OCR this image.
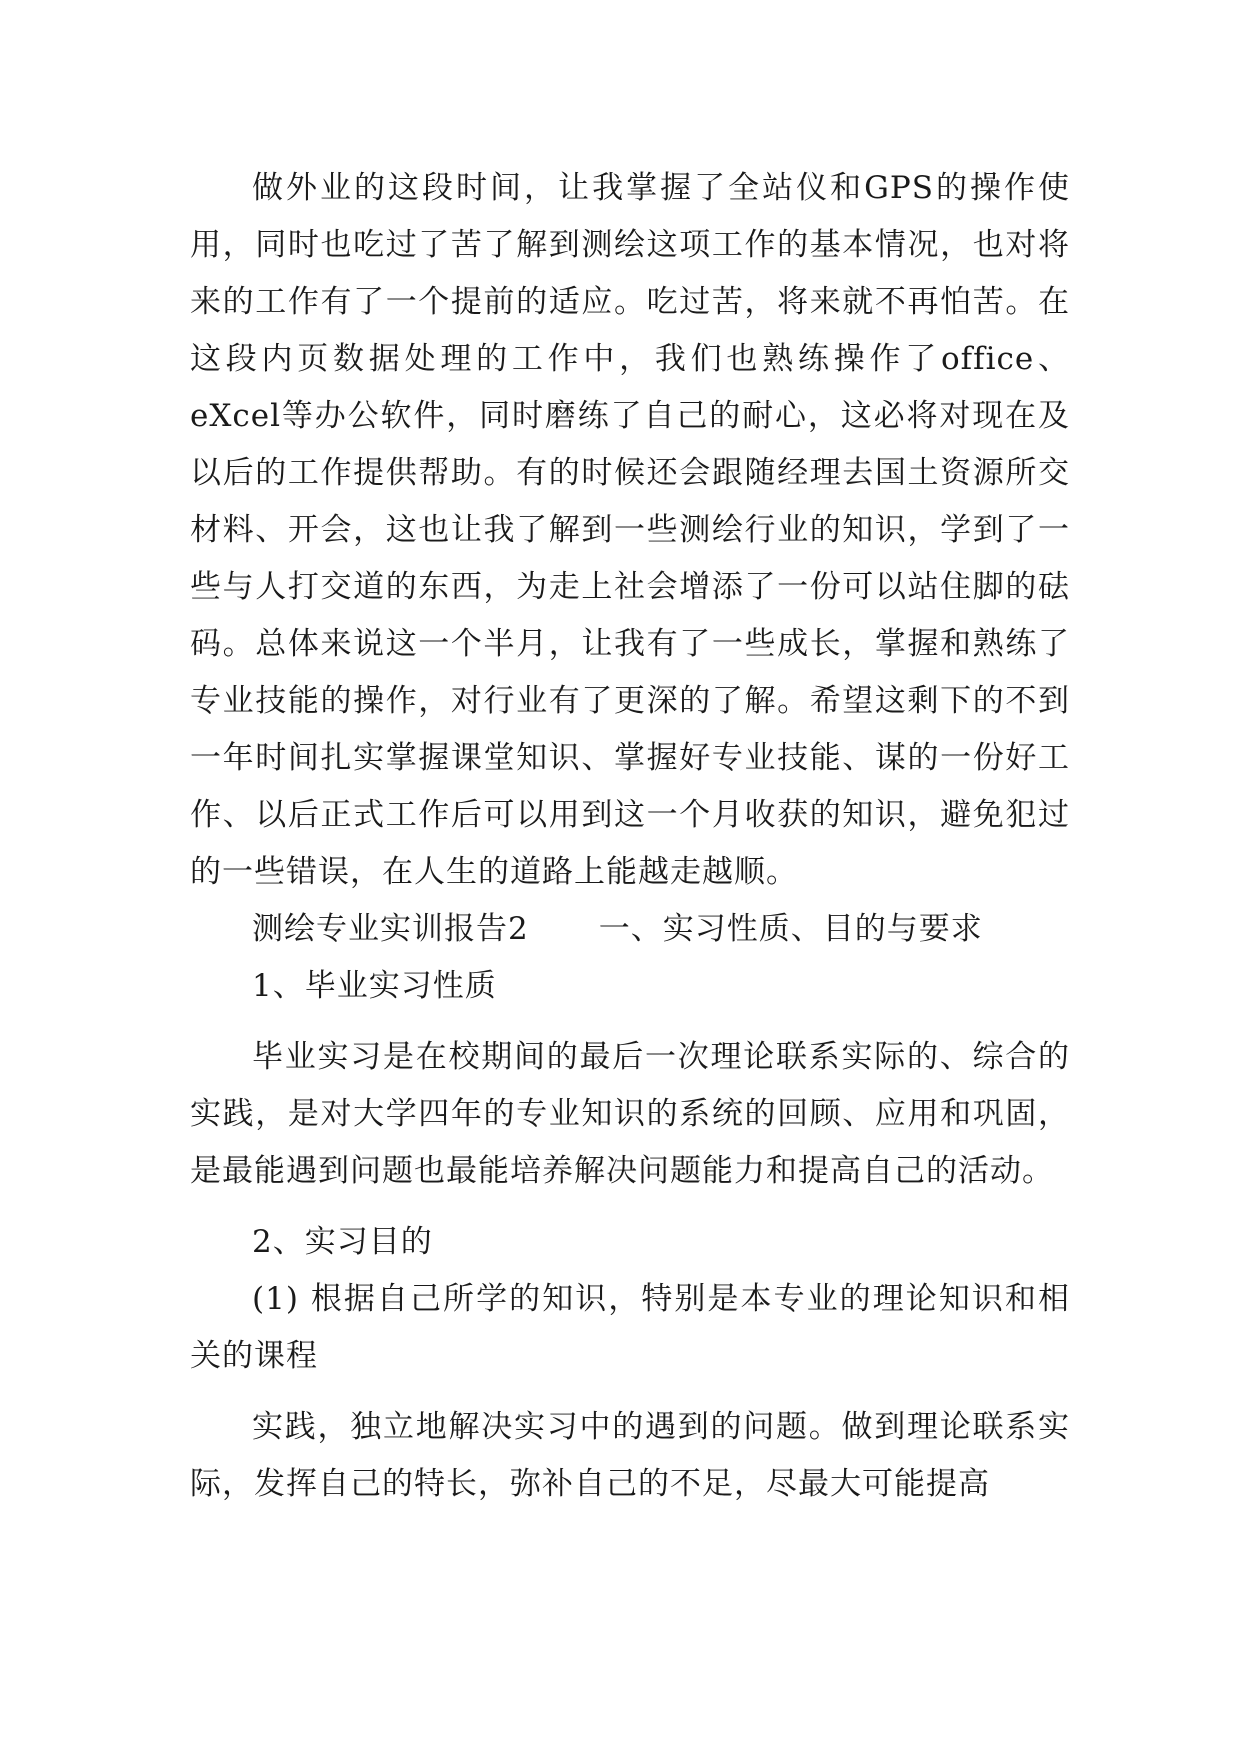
做外业的这段时间，让我掌握了全站仪和GPS的操作使用，同时也吃过了苦了解到测绘这项工作的基本情况，也对将来的工作有了一个提前的适应。吃过苦，将来就不再怕苦。在这段内页数据处理的工作中，我们也熟练操作了office、eXcel等办公软件，同时磨练了自己的耐心，这必将对现在及以后的工作提供帮助。有的时候还会跟随经理去国土资源所交材料、开会，这也让我了解到一些测绘行业的知识，学到了一些与人打交道的东西，为走上社会增添了一份可以站住脚的砝码。总体来说这一个半月，让我有了一些成长，掌握和熟练了专业技能的操作，对行业有了更深的了解。希望这剩下的不到一年时间扎实掌握课堂知识、掌握好专业技能、谋的一份好工作、以后正式工作后可以用到这一个月收获的知识，避免犯过的一些错误，在人生的道路上能越走越顺。

测绘专业实训报告2 一、实习性质、目的与要求

1、毕业实习性质

毕业实习是在校期间的最后一次理论联系实际的、综合的实践，是对大学四年的专业知识的系统的回顾、应用和巩固，是最能遇到问题也最能培养解决问题能力和提高自己的活动。

2、实习目的

(1) 根据自己所学的知识，特别是本专业的理论知识和相关的课程

实践，独立地解决实习中的遇到的问题。做到理论联系实际，发挥自己的特长，弥补自己的不足，尽最大可能提高
